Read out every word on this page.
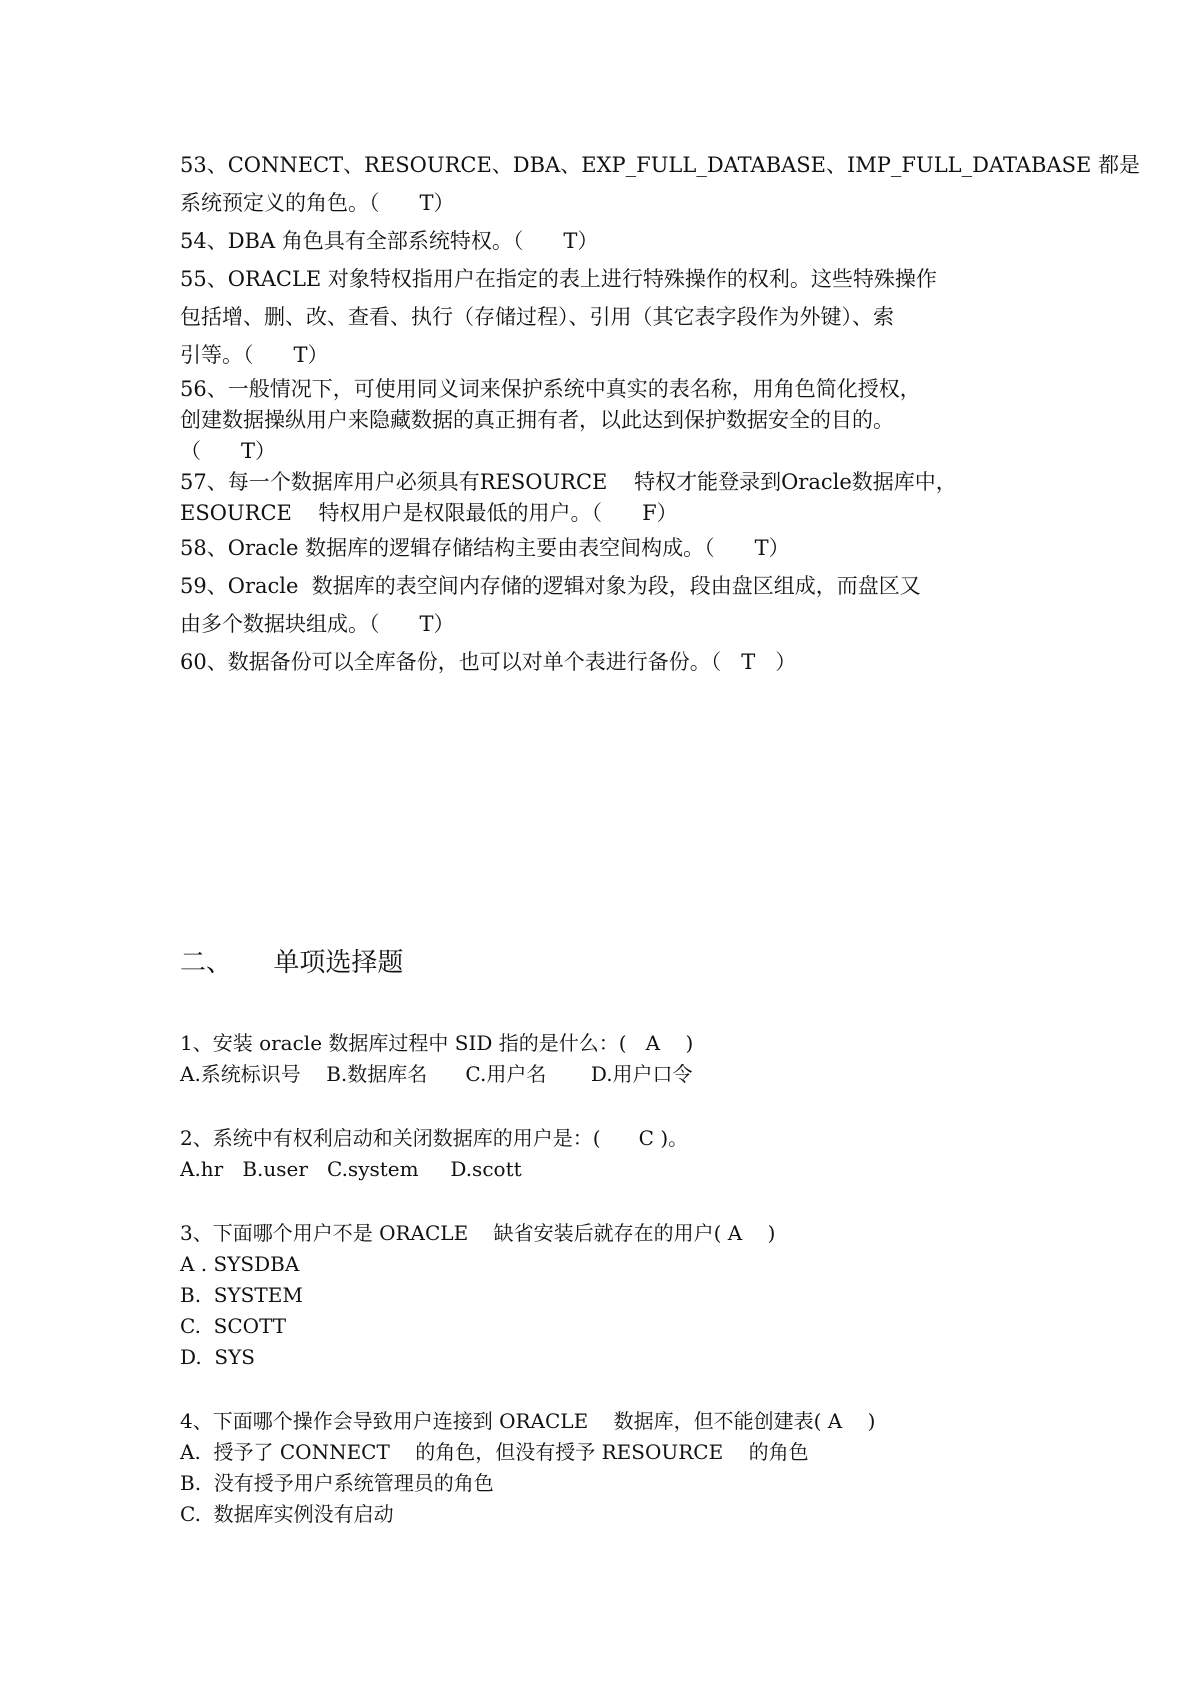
53、CONNECT、RESOURCE、DBA、EXP_FULL_DATABASE、IMP_FULL_DATABASE 都是
系统预定义的角色。（      T）
54、DBA 角色具有全部系统特权。（      T）
55、ORACLE 对象特权指用户在指定的表上进行特殊操作的权利。这些特殊操作
包括增、删、改、查看、执行（存储过程）、引用（其它表字段作为外键）、索
引等。（      T）
56、一般情况下，可使用同义词来保护系统中真实的表名称，用角色简化授权，
创建数据操纵用户来隐藏数据的真正拥有者，以此达到保护数据安全的目的。
（      T）
57、每一个数据库用户必须具有RESOURCE    特权才能登录到Oracle数据库中，
ESOURCE    特权用户是权限最低的用户。（      F）
58、Oracle 数据库的逻辑存储结构主要由表空间构成。（      T）
59、Oracle  数据库的表空间内存储的逻辑对象为段，段由盘区组成，而盘区又
由多个数据块组成。（      T）
60、数据备份可以全库备份，也可以对单个表进行备份。（   T   ）
二、     单项选择题
1、安装 oracle 数据库过程中 SID 指的是什么：(   A    )
A.系统标识号    B.数据库名      C.用户名       D.用户口令
2、系统中有权利启动和关闭数据库的用户是：(      C )。
A.hr   B.user   C.system     D.scott
3、下面哪个用户不是 ORACLE    缺省安装后就存在的用户( A    )
A . SYSDBA
B.  SYSTEM
C.  SCOTT
D.  SYS
4、下面哪个操作会导致用户连接到 ORACLE    数据库，但不能创建表( A    )
A.  授予了 CONNECT    的角色，但没有授予 RESOURCE    的角色
B.  没有授予用户系统管理员的角色
C.  数据库实例没有启动
